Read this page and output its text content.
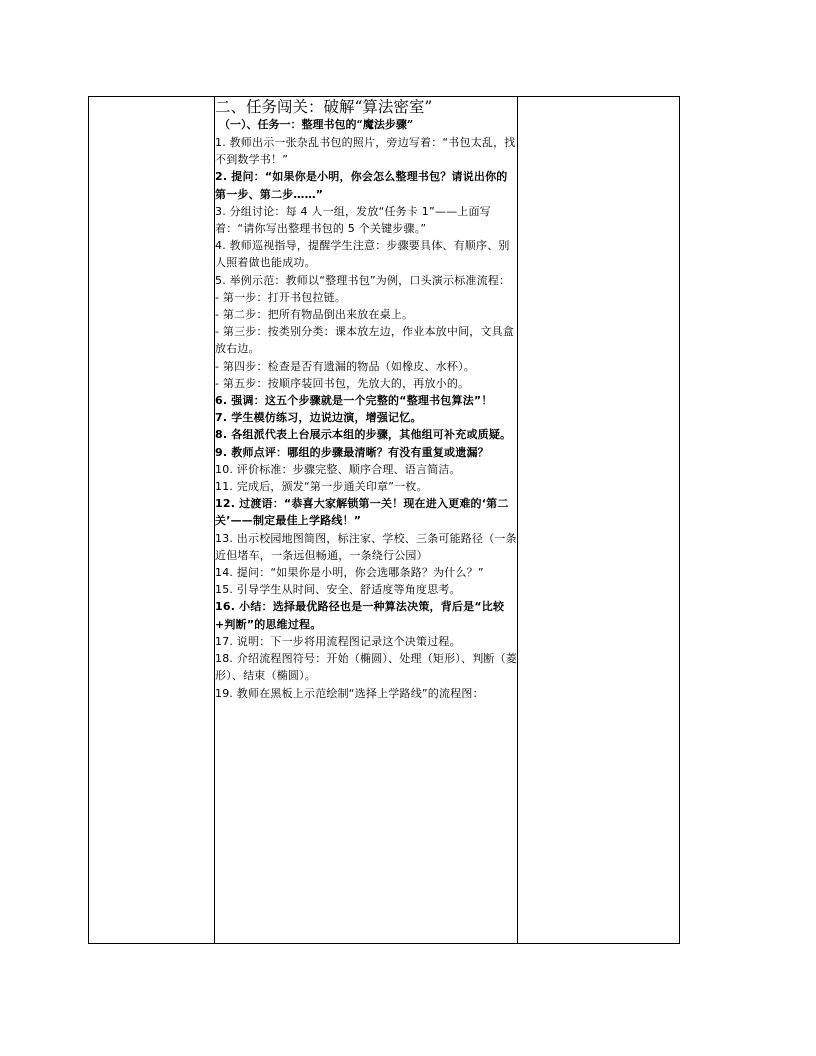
二、任务闯关：破解“算法密室”
（一）、任务一：整理书包的“魔法步骤”
1. 教师出示一张杂乱书包的照片，旁边写着：“书包太乱，找不到数学书！”
2. 提问：“如果你是小明，你会怎么整理书包？请说出你的第一步、第二步……”
3. 分组讨论：每 4 人一组，发放“任务卡 1”——上面写着：“请你写出整理书包的 5 个关键步骤。”
4. 教师巡视指导，提醒学生注意：步骤要具体、有顺序、别人照着做也能成功。
5. 举例示范：教师以“整理书包”为例，口头演示标准流程：
- 第一步：打开书包拉链。
- 第二步：把所有物品倒出来放在桌上。
- 第三步：按类别分类：课本放左边，作业本放中间，文具盒放右边。
- 第四步：检查是否有遗漏的物品（如橡皮、水杯）。
- 第五步：按顺序装回书包，先放大的，再放小的。
6. 强调：这五个步骤就是一个完整的“整理书包算法”！
7. 学生模仿练习，边说边演，增强记忆。
8. 各组派代表上台展示本组的步骤，其他组可补充或质疑。
9. 教师点评：哪组的步骤最清晰？有没有重复或遗漏？
10. 评价标准：步骤完整、顺序合理、语言简洁。
11. 完成后，颁发“第一步通关印章”一枚。
12. 过渡语：“恭喜大家解锁第一关！现在进入更难的‘第二关’——制定最佳上学路线！”
13. 出示校园地图简图，标注家、学校、三条可能路径（一条近但堵车，一条远但畅通，一条绕行公园）
14. 提问：“如果你是小明，你会选哪条路？为什么？”
15. 引导学生从时间、安全、舒适度等角度思考。
16. 小结：选择最优路径也是一种算法决策，背后是“比较+判断”的思维过程。
17. 说明：下一步将用流程图记录这个决策过程。
18. 介绍流程图符号：开始（椭圆）、处理（矩形）、判断（菱形）、结束（椭圆）。
19. 教师在黑板上示范绘制“选择上学路线”的流程图：
